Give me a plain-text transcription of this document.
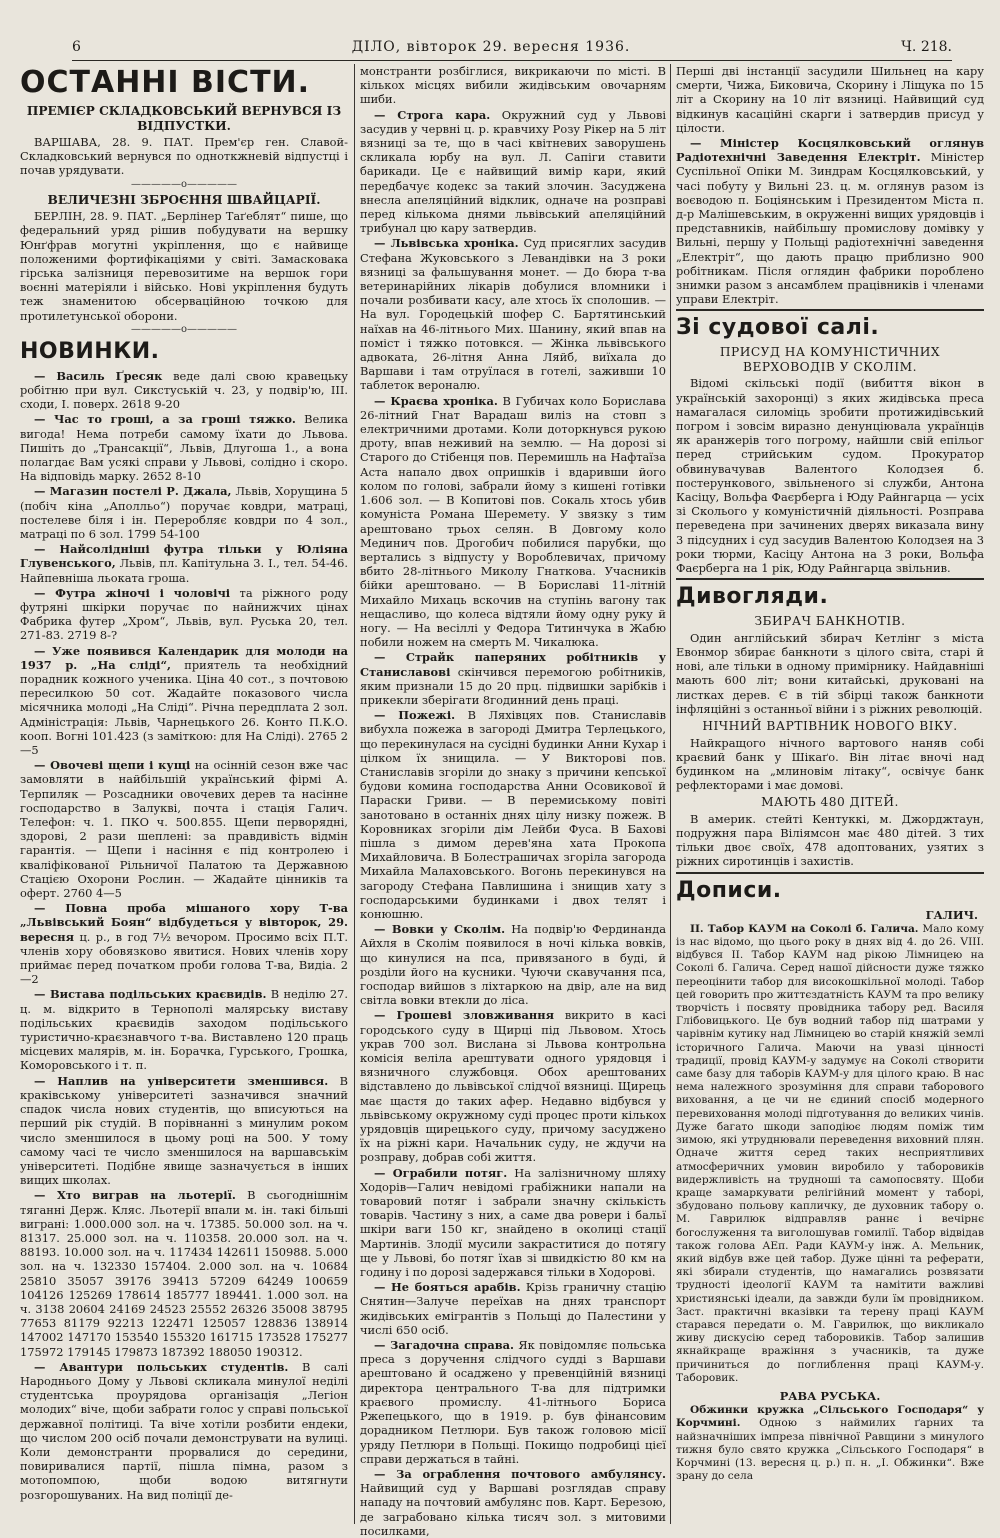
6	ДІЛО, вівторок 29. вересня 1936.	Ч. 218.
ОСТАННІ ВІСТИ.
ПРЕМІЄР СКЛАДКОВСЬКИЙ ВЕРНУВСЯ ІЗ ВІДПУСТКИ.

ВАРШАВА, 28. 9. ПАТ. Прем'єр ген. Славой-Складковський вернувся по одноткжневій відпустці і почав урядувати.

—————o—————
ВЕЛИЧЕЗНІ ЗБРОЄННЯ ШВАЙЦАРІЇ.

БЕРЛІН, 28. 9. ПАТ. „Берлінер Таґеблят“ пише, що федеральний уряд рішив побудувати на вершку Юнґфрав могутні укріплення, що є найвище положеними фортифікаціями у світі. Замасковака гірська залізниця перевозитиме на вершок гори воєнні матеріяли і військо. Нові укріплення будуть теж знаменитою обсерваційною точкою для протилетунської оборони.

—————o—————
НОВИНКИ.

— Василь Ґресяк веде далі свою кравецьку робітню при вул. Сикстуській ч. 23, у подвір'ю, ІІІ. сходи, І. поверх. 2618 9-20

— Час то гроші, а за гроші тяжко. Велика вигода! Нема потреби самому їхати до Львова. Пишіть до „Трансакції“, Львів, Длугоша 1., а вона полагдає Вам усякі справи у Львові, солідно і скоро. На відповідь марку. 2652 8-10

— Магазин постелі Р. Джала, Львів, Хорущина 5 (побіч кіна „Аполльо“) поручає ковдри, матраці, постелеве біля і ін. Переробляє ковдри по 4 зол., матраці по 6 зол. 1799 54-100

— Найсолідніші футра тільки у Юліяна Глувенського, Львів, пл. Капітульна 3. І., тел. 54-46. Найпевніша льоката гроша.

— Футра жіночі і чоловічі та ріжного роду футряні шкірки поручає по найнижчих цінах Фабрика футер „Хром“, Львів, вул. Руська 20, тел. 271-83. 2719 8-?

— Уже появився Календарик для молоди на 1937 р. „На сліді“, приятель та необхідний порадник кожного ученика. Ціна 40 сот., з почтовою пересилкою 50 сот. Жадайте показового числа місячника молоді „На Сліді“. Річна передплата 2 зол. Адміністрація: Львів, Чарнецького 26. Конто П.К.О. кооп. Вогні 101.423 (з заміткою: для На Сліді). 2765 2—5

— Овочеві щепи і кущі на осінній сезон вже час замовляти в найбільшій український фірмі А. Терпиляк — Розсадники овочевих дерев та насінне господарство в Залуквi, почта і стація Галич. Телефон: ч. 1. ПКО ч. 500.855. Щепи перворядні, здорові, 2 рази шеплені: за правдивість відмін гарантія. — Щепи і насіння є під контролею і кваліфікованої Рільничої Палатою та Державною Стацією Охорони Рослин. — Жадайте цінників та оферт. 2760 4—5

— Повна проба мішаного хору Т-ва „Львівський Боян“ відбудеться у вівторок, 29. вересня ц. р., в год 7½ вечором. Просимо всіх П.Т. членів хору обовязково явитися. Нових членів хору приймає перед початком проби голова Т-ва, Видіа. 2—2

— Виставa подільських краєвидів. В неділю 27. ц. м. відкрито в Тернополі малярську виставу подільських краєвидів заходом подільського туристично-краєзнавчого т-ва. Виставлено 120 праць місцевих малярів, м. ін. Боpачка, Гурського, Грошка, Коморовського і т. п.

— Наплив на університети зменшився. В краківському університеті зазначився значний спадок числа нових студентів, що вписуються на перший рік студій. В порівнанні з минулим роком число зменшилося в цьому році на 500. У тому самому часі те число зменшилося на варшавськім університеті. Подібне явище зазначується в інших вищих школах.

— Хто виграв на льотерії. В сьогоднішнім тяганні Держ. Кляс. Льотерії впали м. ін. такі більші виграні: 1.000.000 зол. на ч. 17385. 50.000 зол. на ч. 81317. 25.000 зол. на ч. 110358. 20.000 зол. на ч. 88193. 10.000 зол. на ч. 117434 142611 150988. 5.000 зол. на ч. 132330 157404. 2.000 зол. на ч. 10684 25810 35057 39176 39413 57209 64249 100659 104126 125269 178614 185777 189441. 1.000 зол. на ч. 3138 20604 24169 24523 25552 26326 35008 38795 77653 81179 92213 122471 125057 128836 138914 147002 147170 153540 155320 161715 173528 175277 175972 179145 179873 187392 188050 190312.

— Авантури польських студентів. В салі Народнього Дому у Львові скликала минулої неділі студентська проурядова організація „Легіон молодих“ віче, щоби забрати голос у справі польської державної політиці. Та віче хотіли розбити ендеки, що числом 200 осіб почали демонструвати на вулиці. Коли демонстранти прорвалися до середини, повиривалися партії, пішла пімна, разом з мотопомпою, щоби водою витягнути розгорошуваних. На вид поліції де-

монстранти розбіглися, викрикаючи по місті. В кількох місцях вибили жидівським овочарням шиби.

— Строга кара. Окружний суд у Львові засудив у червні ц. р. кравчиху Розу Рікер на 5 літ вязниці за те, що в часі квітневих заворушень скликала юрбу на вул. Л. Сапіги ставити барикади. Це є найвищий вимір кари, який передбачує кодекс за такий злочин. Засуджена внесла апеляційний відклик, одначе на розправі перед кількома днями львівський апеляційний трибунал цю кару затвердив.

— Львівська хроніка. Суд присяглих засудив Стефана Жуковського з Левандівки на 3 роки вязниці за фальшування монет. — До бюра т-ва ветеринарійних лікарів добулися вломники і почали розбивати касу, але хтось їх сполошив. — На вул. Городецькій шофер С. Бартятинський наїхав на 46-літнього Мих. Шанину, який впав на поміст і тяжко потовкся. — Жінка львівського адвоката, 26-літня Анна Ляйб, виїхала до Варшави і там отруїлася в готелі, заживши 10 таблеток вероналю.

— Краєва хроніка. В Губичах коло Борислава 26-літний Гнат Варадаш виліз на стовп з електричними дротами. Коли доторкнувся рукою дроту, впав неживий на землю. — На дорозі зі Старого до Стібенця пов. Перемишль на Нафтаїза Аста напало двох опришків і вдаривши його колом по голові, забрали йому з кишені готівки 1.606 зол. — В Копитові пов. Сокаль хтось убив комуніста Романа Шеремету. У звязку з тим арештовано трьох селян. В Довгому коло Мединич пов. Дрогобич побилися парубки, що вертались з відпусту у Вороблевичах, причому вбито 28-літнього Миколу Гнаткова. Учасників бійки арештовано. — В Бориславі 11-літній Михайло Михаць вскочив на ступінь вагону так нещасливо, що колеса відтяли йому одну руку й ногу. — На весіллі у Федора Титинчука в Жабю побили ножем на смерть М. Чикалюка.

— Страйк паперяних робітників у Станиславові скінчився перемогою робітників, яким признали 15 до 20 прц. підвишки зарібків і прикекли зберігати 8годинний день праці.

— Пожежі. В Ляхівцях пов. Станиславів вибухла пожежа в загороді Дмитра Терлецького, що перекинулася на сусідні будинки Анни Кухар і цілком їх знищила. — У Викторові пов. Станиславів згоріли до знаку з причини кепської будови комина господарства Анни Осовикової й Параски Гриви. — В перемиському повіті занотовано в останніх днях цілу низку пожеж. В Коровниках згоріли дім Лейби Фуса. В Бахові пішла з димом дерев'яна хата Прокопа Михайловича. В Болестрашичах згоріла загорода Михайла Малаховського. Вогонь перекинувся на загороду Стефана Павлишина і знищив хату з господарськими будинками і двох телят і конюшню.

— Вовки у Сколім. На подвір'ю Фердинанда Айхля в Сколім появилося в ночі кілька вовків, що кинулися на пса, привязаного в буді, й розділи його на кусники. Чуючи скавучання пса, господар вийшов з ліхтаркою на двір, але на вид світла вовки втекли до ліса.

— Грошеві зловживання викрито в касі городського суду в Щирці під Львовом. Хтось украв 700 зол. Вислана зі Львова контрольна комісія веліла арештувати одного урядовця і вязничного службовця. Обох арештованих відставлено до львівської слідчої вязниці. Щирець має щастя до таких афер. Недавно відбувся у львівському окружному суді процес проти кількох урядовців щирецького суду, причому засуджено їх на ріжні кари. Начальник суду, не ждучи на розправу, добрав собі життя.

— Ограбили потяг. На залізничному шляху Ходорів—Галич невідомі грабіжники напали на товаровий потяг і забрали значну скількість товарів. Частину з них, а саме два ровери і бальї шкіри ваги 150 кг, знайдено в околиці стації Мартинів. Злодії мусили закраститися до потягу ще у Львові, бо потяг їхав зі швидкістю 80 км на годину і по дорозі задержався тільки в Ходорові.

— Не бояться арабів. Крізь граничну стацію Снятин—Залуче переїхав на днях транспорт жидівських емігрантів з Польщі до Палестини у числі 650 осіб.

— Загадочна справа. Як повідомляє польська преса з доручення слідчого судді з Варшави арештовано й осаджено у превенційній вязниці директора центрального Т-ва для підтримки краєвого промислу. 41-літнього Бориса Ржепецького, що в 1919. р. був фінансовим дорадником Петлюри. Був також головою місії уряду Петлюри в Польщі. Покищо подробиці цієї справи держаться в тайні.

— За ограблення почтового амбулянсу. Найвищий суд у Варшаві розглядав справу нападу на почтовий амбулянс пов. Карт. Березою, де заграбовано кілька тисяч зол. з митовими посилками,

Перші дві інстанції засудили Шильнец на кару смерти, Чижа, Биковича, Скорину і Ліщука по 15 літ а Скорину на 10 літ вязниці. Найвищий суд відкинув касаційні скарги і затвердив присуд у цілости.

— Міністер Косцялковський оглянув Радіотехнічні Заведення Електріт. Міністер Суспільної Опіки М. Зиндрам Косцялковський, у часі побуту у Вильні 23. ц. м. оглянув разом із воєводою п. Боціянським і Президентом Міста п. д-р Малішевським, в окруженні вищих урядовців і представників, найбільшу промислову домівку у Вильні, першу у Польщі радіотехнічні заведення „Електріт“, що дають працю приблизно 900 робітникам. Після оглядин фабрики пороблено знимки разом з ансамблем працівників і членами управи Електріт.

Зі судової салі.
ПРИСУД НА КОМУНІСТИЧНИХ ВЕРХОВОДІВ У СКОЛІМ.

Відомі скільські події (вибиття вікон в українській захоронці) з яких жидівська преса намагалася силоміць зробити протижидівський погром і зовсім виразно денунціювала українців як аранжерів того погрому, найшли свій епільог перед стрийським судом. Прокуратор обвинувачував Валентого Колодзея б. постерункового, звільненого зі служби, Антона Касіцу, Вольфа Фаєрберга і Юду Райнгарца — усіх зі Сколього у комуністичній діяльності. Розправа переведена при зачинених дверях виказала вину 3 підсудних і суд засудив Валентою Колодзея на 3 роки тюрми, Касіцу Антона на 3 роки, Вольфа Фаєрберга на 1 рік, Юду Райнгарца звільнив.

Дивогляди.
ЗБИРАЧ БАНКНОТІВ.

Один англійський збирач Кетлінг з міста Евонмор збирає банкноти з цілого світа, старі й нові, але тільки в одному примірнику. Найдавніші мають 600 літ; вони китайські, друковані на листках дерев. Є в тій збірці також банкноти інфляційні з останньої війни і з ріжних революцій.

НІЧНИЙ ВАРТІВНИК НОВОГО ВІКУ.

Найкращого нічного вартового наняв собі краєвий банк у Шікаґо. Він літає вночі над будинком на „млиновім літаку“, освічує банк рефлекторами і має домові.

МАЮТЬ 480 ДІТЕЙ.

В америк. стейті Кентуккі, м. Джорджтаун, подружня пара Віліямсон має 480 дітей. З тих тільки двоє своїх, 478 адоптованих, узятих з ріжних сиротинців і захистів.

Дописи.
ГАЛИЧ.

II. Табор КАУМ на Соколі б. Галича. Мало кому із нас відомо, що цього року в днях від 4. до 26. VIII. відбувся II. Табор КАУМ над рікою Лімницею на Соколі б. Галича. Серед нашої дійсности дуже тяжко переоцінити табор для високошкільної молоді. Табор цей говорить про життєздатність КАУМ та про велику творчість і посвяту провідника табору ред. Василя Глібовицького. Це був водний табор під шатрами у чарівнім кутику над Лімницею во старій княжій землі історичного Галича. Маючи на увазі цінності традиції, провід КАУМ-у задумує на Соколі створити саме базу для таборів КАУМ-у для цілого краю. В нас нема належного зрозуміння для справи таборового виховання, а це чи не єдиний спосіб модерного перевиховання молоді підготування до великих чинів. Дуже багато шкоди заподіює людям поміж тим зимою, які утруднювали переведення виховний плян. Одначе життя серед таких несприятливих атмосферичних умовин виробило у таборовиків видержливість на трудноші та самопосвяту. Щоби краще замаркувати релігійний момент у таборі, збудовано польову капличку, де духовник табору о. М. Гаврилюк відправляв раннє і вечірнє богослуження та виголошував гомилії. Табор відвідав також голова АЕп. Ради КАУМ-у інж. А. Мельник, який відбув вже цей табор. Дуже цінні та реферати, які збирали студентів, що намагались розвязати трудності ідеології КАУМ та намітити важливі християнські ідеали, да завжди були їм провідником. Заст. практичні вказівки та терену праці КАУМ старався передати о. М. Гаврилюк, що викликало живу дискусію серед таборовиків. Табор залишив якнайкраще вражіння з учасників, та дуже причиниться до поглиблення праці КАУМ-у. Таборовик.

РАВА РУСЬКА.

Обжинки кружка „Сільського Господаря“ у Корчмині. Одною з наймилих ґарних та найзначніших імпреза північної Равщини з минулого тижня було свято кружка „Сільського Господаря“ в Корчмині (13. вересня ц. р.) п. н. „І. Обжинки“. Вже зрану до села
